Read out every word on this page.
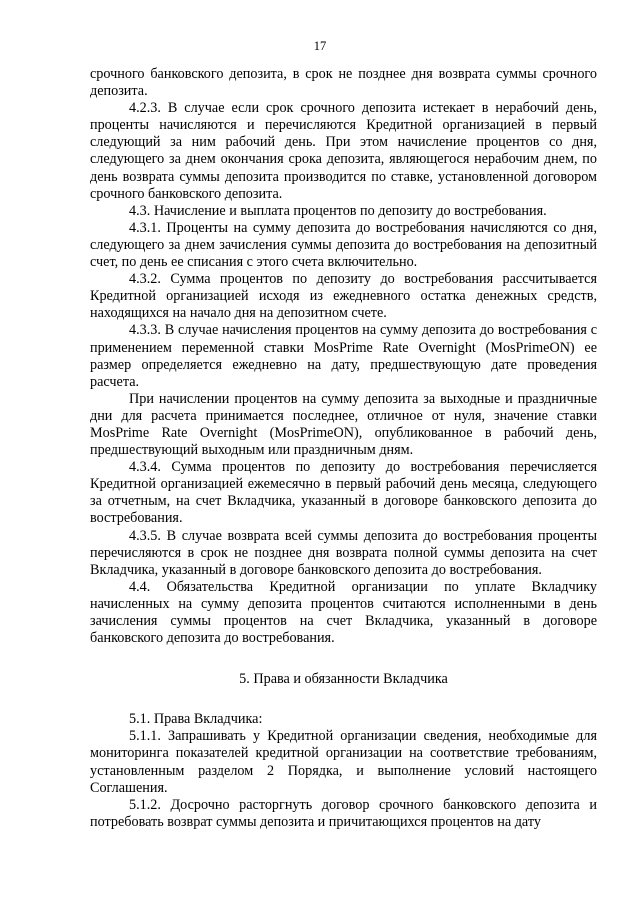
17

срочного банковского депозита, в срок не позднее дня возврата суммы срочного депозита.

4.2.3. В случае если срок срочного депозита истекает в нерабочий день, проценты начисляются и перечисляются Кредитной организацией в первый следующий за ним рабочий день. При этом начисление процентов со дня, следующего за днем окончания срока депозита, являющегося нерабочим днем, по день возврата суммы депозита производится по ставке, установленной договором срочного банковского депозита.

4.3. Начисление и выплата процентов по депозиту до востребования.

4.3.1. Проценты на сумму депозита до востребования начисляются со дня, следующего за днем зачисления суммы депозита до востребования на депозитный счет, по день ее списания с этого счета включительно.

4.3.2. Сумма процентов по депозиту до востребования рассчитывается Кредитной организацией исходя из ежедневного остатка денежных средств, находящихся на начало дня на депозитном счете.

4.3.3. В случае начисления процентов на сумму депозита до востребования с применением переменной ставки MosPrime Rate Overnight (MosPrimeON) ее размер определяется ежедневно на дату, предшествующую дате проведения расчета.

При начислении процентов на сумму депозита за выходные и праздничные дни для расчета принимается последнее, отличное от нуля, значение ставки MosPrime Rate Overnight (MosPrimeON), опубликованное в рабочий день, предшествующий выходным или праздничным дням.

4.3.4. Сумма процентов по депозиту до востребования перечисляется Кредитной организацией ежемесячно в первый рабочий день месяца, следующего за отчетным, на счет Вкладчика, указанный в договоре банковского депозита до востребования.

4.3.5. В случае возврата всей суммы депозита до востребования проценты перечисляются в срок не позднее дня возврата полной суммы депозита на счет Вкладчика, указанный в договоре банковского депозита до востребования.

4.4. Обязательства Кредитной организации по уплате Вкладчику начисленных на сумму депозита процентов считаются исполненными в день зачисления суммы процентов на счет Вкладчика, указанный в договоре банковского депозита до востребования.

5. Права и обязанности Вкладчика

5.1. Права Вкладчика:

5.1.1. Запрашивать у Кредитной организации сведения, необходимые для мониторинга показателей кредитной организации на соответствие требованиям, установленным разделом 2 Порядка, и выполнение условий настоящего Соглашения.

5.1.2. Досрочно расторгнуть договор срочного банковского депозита и потребовать возврат суммы депозита и причитающихся процентов на дату
